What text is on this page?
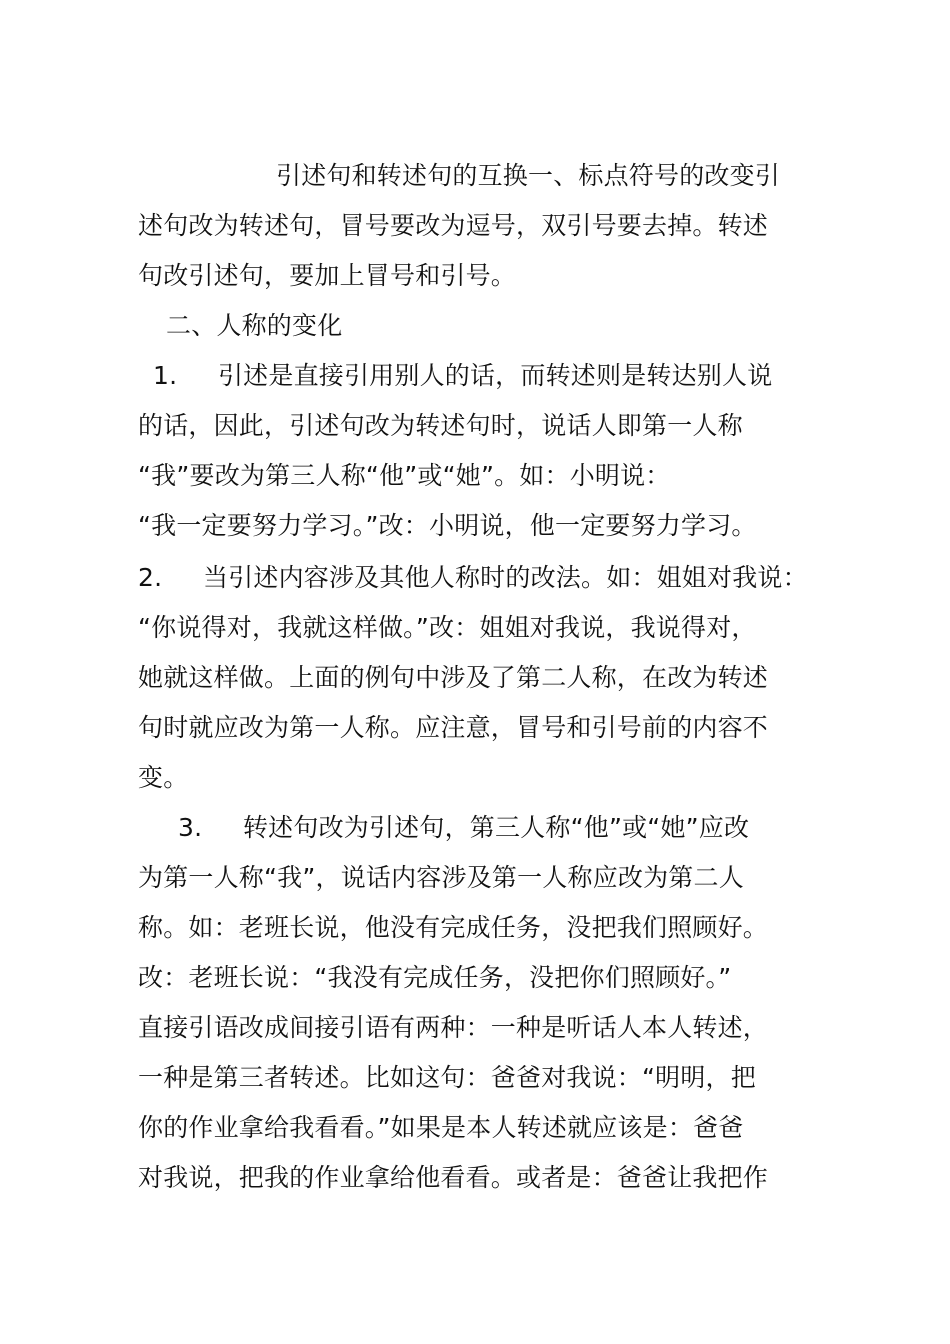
引述句和转述句的互换一、标点符号的改变引
述句改为转述句，冒号要改为逗号，双引号要去掉。转述
句改引述句，要加上冒号和引号。
二、人称的变化
1.     引述是直接引用别人的话，而转述则是转达别人说
的话，因此，引述句改为转述句时，说话人即第一人称
“我”要改为第三人称“他”或“她”。如：小明说：
“我一定要努力学习。”改：小明说，他一定要努力学习。
2.     当引述内容涉及其他人称时的改法。如：姐姐对我说：
“你说得对，我就这样做。”改：姐姐对我说，我说得对，
她就这样做。上面的例句中涉及了第二人称，在改为转述
句时就应改为第一人称。应注意，冒号和引号前的内容不
变。
3.     转述句改为引述句，第三人称“他”或“她”应改
为第一人称“我”，说话内容涉及第一人称应改为第二人
称。如：老班长说，他没有完成任务，没把我们照顾好。
改：老班长说：“我没有完成任务，没把你们照顾好。”
直接引语改成间接引语有两种：一种是听话人本人转述，
一种是第三者转述。比如这句：爸爸对我说：“明明，把
你的作业拿给我看看。”如果是本人转述就应该是：爸爸
对我说，把我的作业拿给他看看。或者是：爸爸让我把作
